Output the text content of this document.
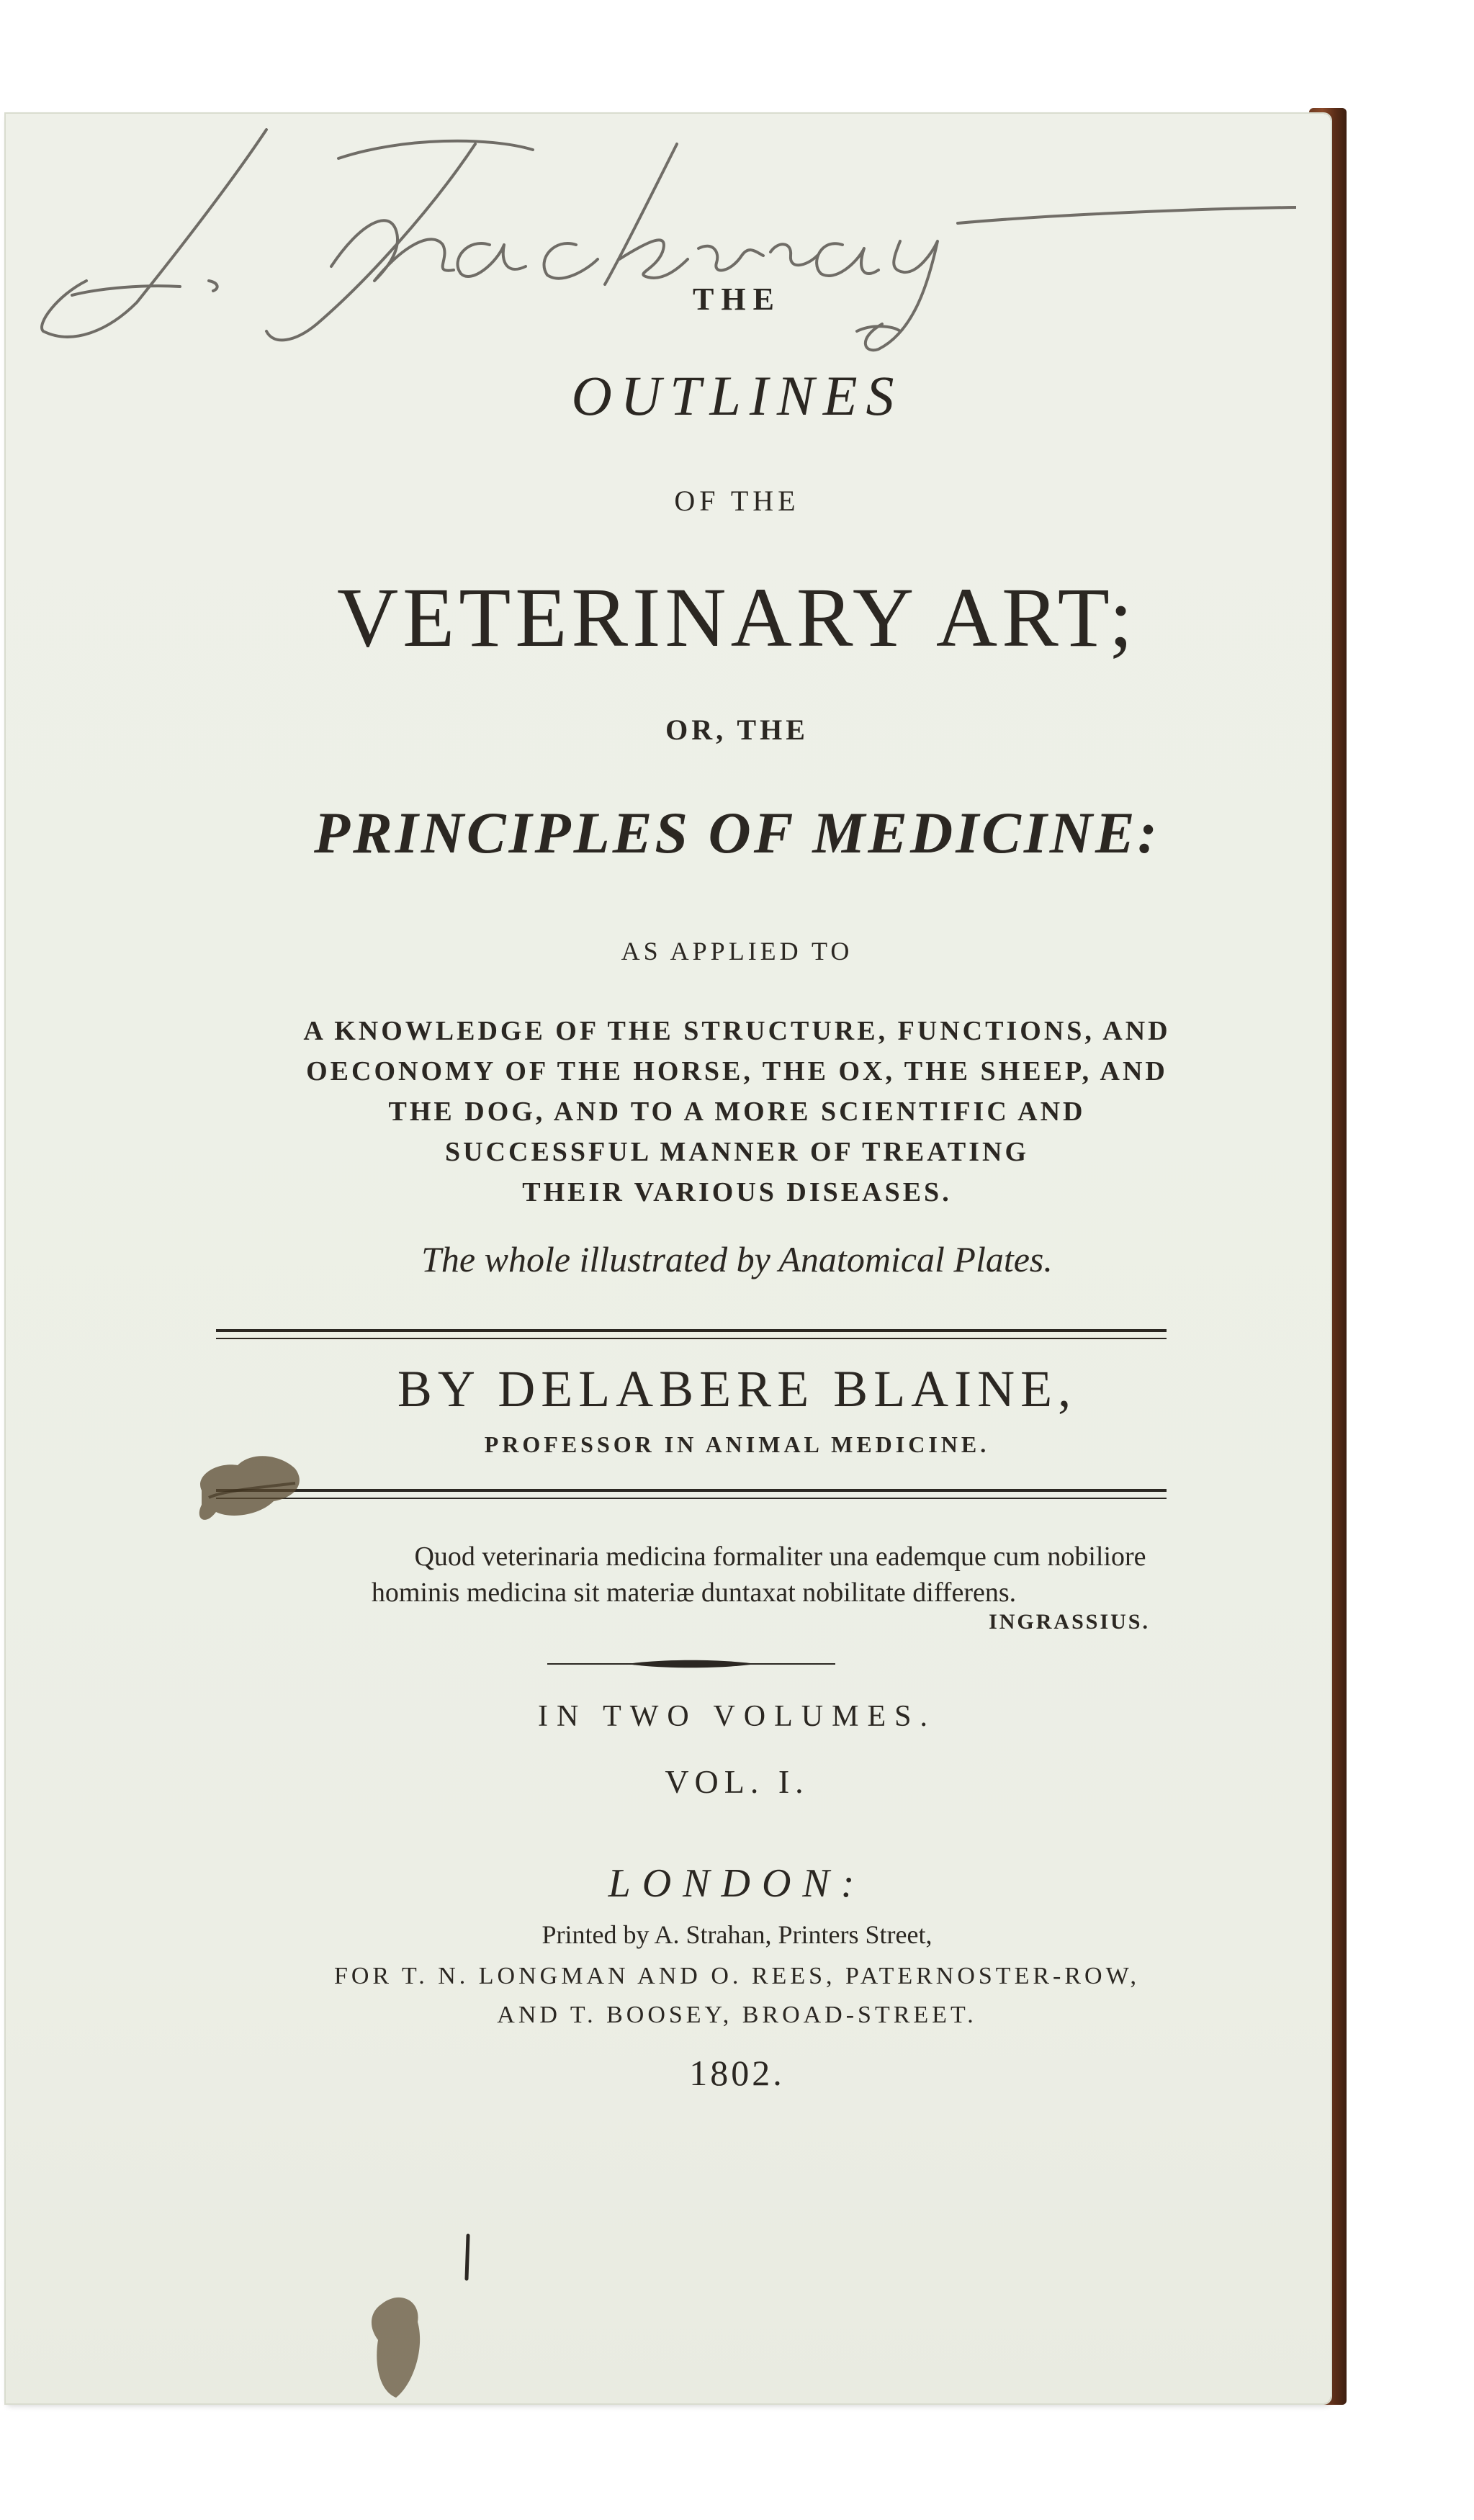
THE
OUTLINES
OF THE
VETERINARY ART;
OR, THE
PRINCIPLES OF MEDICINE:
AS APPLIED TO
A KNOWLEDGE OF THE STRUCTURE, FUNCTIONS, AND
OECONOMY OF THE HORSE, THE OX, THE SHEEP, AND
THE DOG, AND TO A MORE SCIENTIFIC AND
SUCCESSFUL MANNER OF TREATING
THEIR VARIOUS DISEASES.
The whole illustrated by Anatomical Plates.
BY DELABERE BLAINE,
PROFESSOR IN ANIMAL MEDICINE.
Quod veterinaria medicina formaliter una eademque cum nobiliore
hominis medicina sit materiæ duntaxat nobilitate differens.
INGRASSIUS.
IN TWO VOLUMES.
VOL. I.
LONDON:
Printed by A. Strahan, Printers Street,
FOR T. N. LONGMAN AND O. REES, PATERNOSTER-ROW,
AND T. BOOSEY, BROAD-STREET.
1802.
